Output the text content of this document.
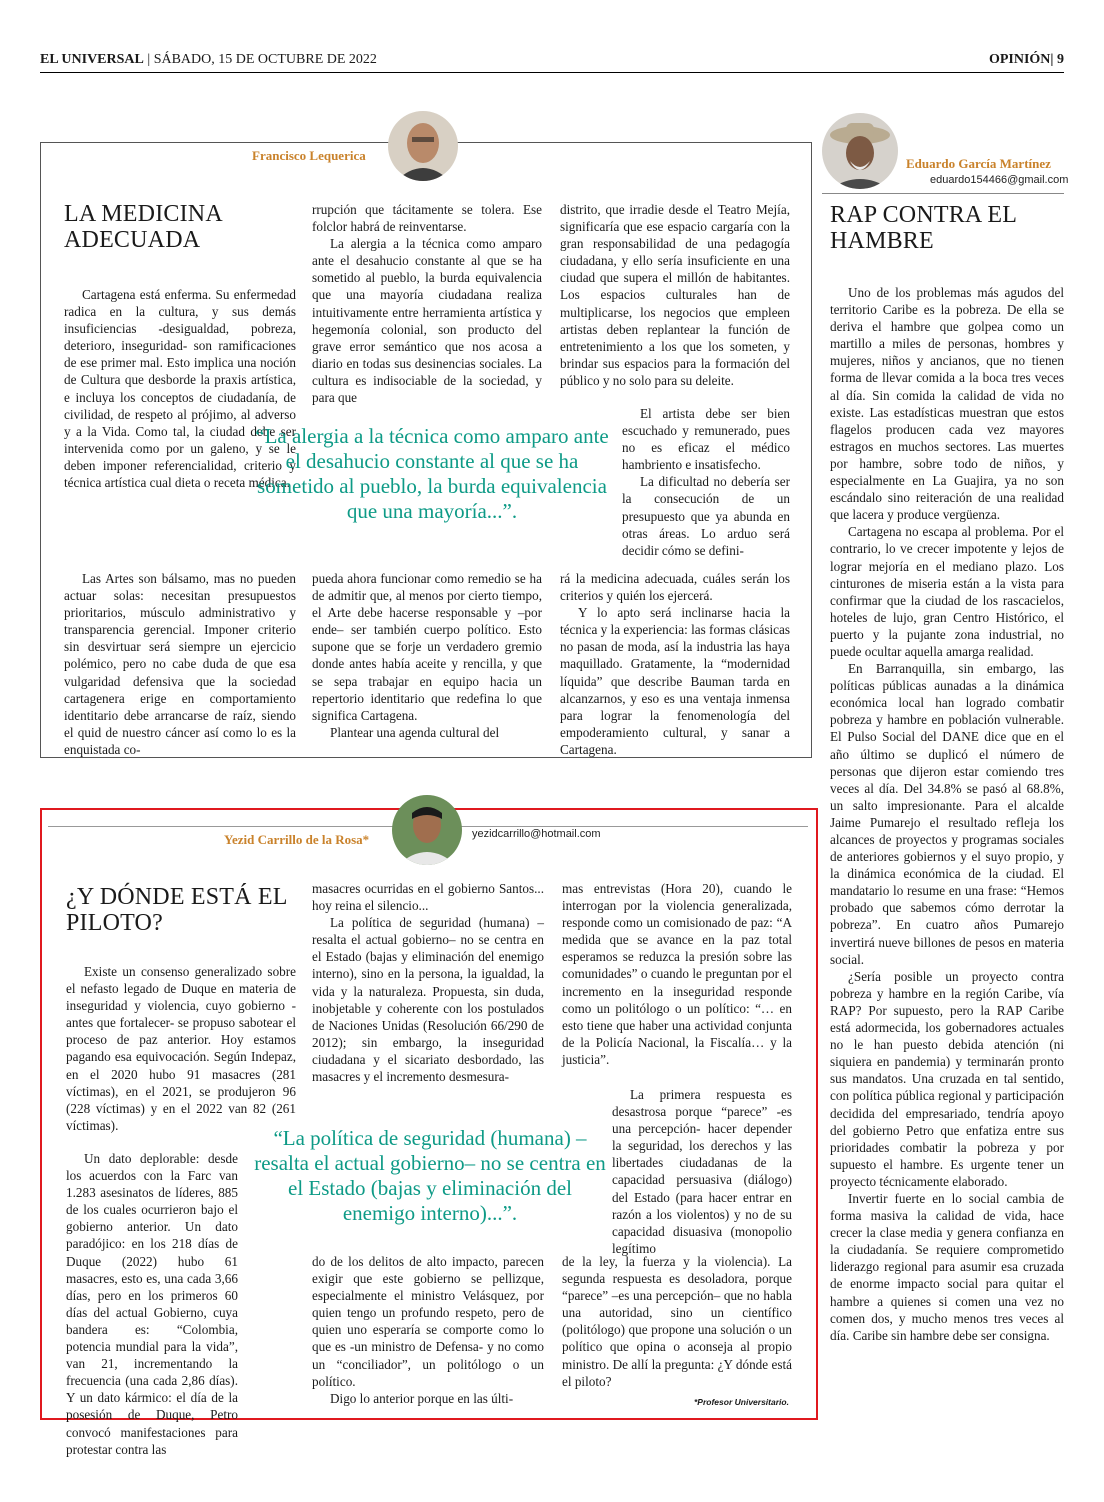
EL UNIVERSAL | SÁBADO, 15 DE OCTUBRE DE 2022	OPINIÓN| 9
Francisco Lequerica
LA MEDICINA ADECUADA

Cartagena está enferma. Su enfermedad radica en la cultura, y sus demás insuficiencias -desigualdad, pobreza, deterioro, inseguridad- son ramificaciones de ese primer mal. Esto implica una noción de Cultura que desborde la praxis artística, e incluya los conceptos de ciudadanía, de civilidad, de respeto al prójimo, al adverso y a la Vida. Como tal, la ciudad debe ser intervenida como por un galeno, y se le deben imponer referencialidad, criterio y técnica artística cual dieta o receta médica.

Las Artes son bálsamo, mas no pueden actuar solas: necesitan presupuestos prioritarios, músculo administrativo y transparencia gerencial. Imponer criterio sin desvirtuar será siempre un ejercicio polémico, pero no cabe duda de que esa vulgaridad defensiva que la sociedad cartagenera erige en comportamiento identitario debe arrancarse de raíz, siendo el quid de nuestro cáncer así como lo es la enquistada co-

rrupción que tácitamente se tolera. Ese folclor habrá de reinventarse.

La alergia a la técnica como amparo ante el desahucio constante al que se ha sometido al pueblo, la burda equivalencia que una mayoría ciudadana realiza intuitivamente entre herramienta artística y hegemonía colonial, son producto del grave error semántico que nos acosa a diario en todas sus desinencias sociales. La cultura es indisociable de la sociedad, y para que

pueda ahora funcionar como remedio se ha de admitir que, al menos por cierto tiempo, el Arte debe hacerse responsable y –por ende– ser también cuerpo político. Esto supone que se forje un verdadero gremio donde antes había aceite y rencilla, y que se sepa trabajar en equipo hacia un repertorio identitario que redefina lo que significa Cartagena.

Plantear una agenda cultural del

distrito, que irradie desde el Teatro Mejía, significaría que ese espacio cargaría con la gran responsabilidad de una pedagogía ciudadana, y ello sería insuficiente en una ciudad que supera el millón de habitantes. Los espacios culturales han de multiplicarse, los negocios que empleen artistas deben replantear la función de entretenimiento a los que los someten, y brindar sus espacios para la formación del público y no solo para su deleite.

El artista debe ser bien escuchado y remunerado, pues no es eficaz el médico hambriento e insatisfecho.

La dificultad no debería ser la consecución de un presupuesto que ya abunda en otras áreas. Lo arduo será decidir cómo se defini-

rá la medicina adecuada, cuáles serán los criterios y quién los ejercerá.

Y lo apto será inclinarse hacia la técnica y la experiencia: las formas clásicas no pasan de moda, así la industria las haya maquillado. Gratamente, la “modernidad líquida” que describe Bauman tarda en alcanzarnos, y eso es una ventaja inmensa para lograr la fenomenología del empoderamiento cultural, y sanar a Cartagena.

“La alergia a la técnica como amparo ante el desahucio constante al que se ha sometido al pueblo, la burda equivalencia que una mayoría...”.
Yezid Carrillo de la Rosa*	yezidcarrillo@hotmail.com
¿Y DÓNDE ESTÁ EL PILOTO?

Existe un consenso generalizado sobre el nefasto legado de Duque en materia de inseguridad y violencia, cuyo gobierno -antes que fortalecer- se propuso sabotear el proceso de paz anterior. Hoy estamos pagando esa equivocación. Según Indepaz, en el 2020 hubo 91 masacres (281 víctimas), en el 2021, se produjeron 96 (228 víctimas) y en el 2022 van 82 (261 víctimas).

Un dato deplorable: desde los acuerdos con la Farc van 1.283 asesinatos de líderes, 885 de los cuales ocurrieron bajo el gobierno anterior. Un dato paradójico: en los 218 días de Duque (2022) hubo 61 masacres, esto es, una cada 3,66 días, pero en los primeros 60 días del actual Gobierno, cuya bandera es: “Colombia, potencia mundial para la vida”, van 21, incrementando la frecuencia (una cada 2,86 días). Y un dato kármico: el día de la posesión de Duque, Petro convocó manifestaciones para protestar contra las

masacres ocurridas en el gobierno Santos... hoy reina el silencio...

La política de seguridad (humana) –resalta el actual gobierno– no se centra en el Estado (bajas y eliminación del enemigo interno), sino en la persona, la igualdad, la vida y la naturaleza. Propuesta, sin duda, inobjetable y coherente con los postulados de Naciones Unidas (Resolución 66/290 de 2012); sin embargo, la inseguridad ciudadana y el sicariato desbordado, las masacres y el incremento desmesura-

do de los delitos de alto impacto, parecen exigir que este gobierno se pellizque, especialmente el ministro Velásquez, por quien tengo un profundo respeto, pero de quien uno esperaría se comporte como lo que es -un ministro de Defensa- y no como un “conciliador”, un politólogo o un político.

Digo lo anterior porque en las últi-

mas entrevistas (Hora 20), cuando le interrogan por la violencia generalizada, responde como un comisionado de paz: “A medida que se avance en la paz total esperamos se reduzca la presión sobre las comunidades” o cuando le preguntan por el incremento en la inseguridad responde como un politólogo o un político: “… en esto tiene que haber una actividad conjunta de la Policía Nacional, la Fiscalía… y la justicia”.

La primera respuesta es desastrosa porque “parece” -es una percepción- hacer depender la seguridad, los derechos y las libertades ciudadanas de la capacidad persuasiva (diálogo) del Estado (para hacer entrar en razón a los violentos) y no de su capacidad disuasiva (monopolio legítimo

de la ley, la fuerza y la violencia). La segunda respuesta es desoladora, porque “parece” –es una percepción– que no habla una autoridad, sino un científico (politólogo) que propone una solución o un político que opina o aconseja al propio ministro. De allí la pregunta: ¿Y dónde está el piloto?

*Profesor Universitario.
“La política de seguridad (humana) –resalta el actual gobierno– no se centra en el Estado (bajas y eliminación del enemigo interno)...”.
Eduardo García Martínez
eduardo154466@gmail.com
RAP CONTRA EL HAMBRE

Uno de los problemas más agudos del territorio Caribe es la pobreza. De ella se deriva el hambre que golpea como un martillo a miles de personas, hombres y mujeres, niños y ancianos, que no tienen forma de llevar comida a la boca tres veces al día. Sin comida la calidad de vida no existe. Las estadísticas muestran que estos flagelos producen cada vez mayores estragos en muchos sectores. Las muertes por hambre, sobre todo de niños, y especialmente en La Guajira, ya no son escándalo sino reiteración de una realidad que lacera y produce vergüenza.

Cartagena no escapa al problema. Por el contrario, lo ve crecer impotente y lejos de lograr mejoría en el mediano plazo. Los cinturones de miseria están a la vista para confirmar que la ciudad de los rascacielos, hoteles de lujo, gran Centro Histórico, el puerto y la pujante zona industrial, no puede ocultar aquella amarga realidad.

En Barranquilla, sin embargo, las políticas públicas aunadas a la dinámica económica local han logrado combatir pobreza y hambre en población vulnerable. El Pulso Social del DANE dice que en el año último se duplicó el número de personas que dijeron estar comiendo tres veces al día. Del 34.8% se pasó al 68.8%, un salto impresionante. Para el alcalde Jaime Pumarejo el resultado refleja los alcances de proyectos y programas sociales de anteriores gobiernos y el suyo propio, y la dinámica económica de la ciudad. El mandatario lo resume en una frase: “Hemos probado que sabemos cómo derrotar la pobreza”. En cuatro años Pumarejo invertirá nueve billones de pesos en materia social.

¿Sería posible un proyecto contra pobreza y hambre en la región Caribe, vía RAP? Por supuesto, pero la RAP Caribe está adormecida, los gobernadores actuales no le han puesto debida atención (ni siquiera en pandemia) y terminarán pronto sus mandatos. Una cruzada en tal sentido, con política pública regional y participación decidida del empresariado, tendría apoyo del gobierno Petro que enfatiza entre sus prioridades combatir la pobreza y por supuesto el hambre. Es urgente tener un proyecto técnicamente elaborado.

Invertir fuerte en lo social cambia de forma masiva la calidad de vida, hace crecer la clase media y genera confianza en la ciudadanía. Se requiere comprometido liderazgo regional para asumir esa cruzada de enorme impacto social para quitar el hambre a quienes si comen una vez no comen dos, y mucho menos tres veces al día. Caribe sin hambre debe ser consigna.
